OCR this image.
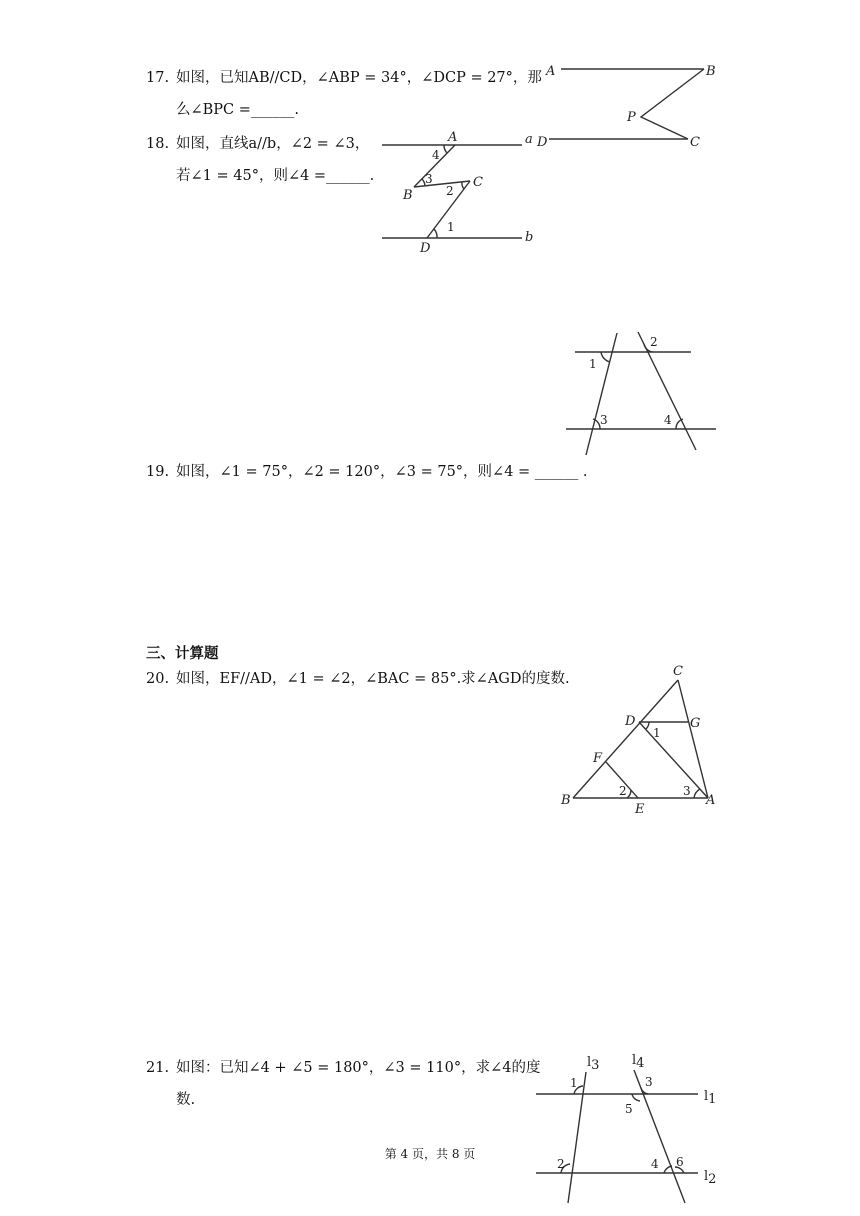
17. 如图，已知AB//CD，∠ABP = 34°，∠DCP = 27°，那
么∠BPC =______.
18. 如图，直线a//b，∠2 = ∠3，
若∠1 = 45°，则∠4 =______.
19. 如图，∠1 = 75°，∠2 = 120°，∠3 = 75°，则∠4 = ______ .
三、计算题
20. 如图，EF//AD，∠1 = ∠2，∠BAC = 85°.求∠AGD的度数.
21. 如图：已知∠4 + ∠5 = 180°，∠3 = 110°，求∠4的度
数.
A	B
P
C
D
A	a
B
C
D
b
4
3
2
1
1
2
3	4
C
D	G
F
B
E
A
1
2	3
l3	l4
l1
l2
1	3
5
2	4 6
第 4 页，共 8 页
